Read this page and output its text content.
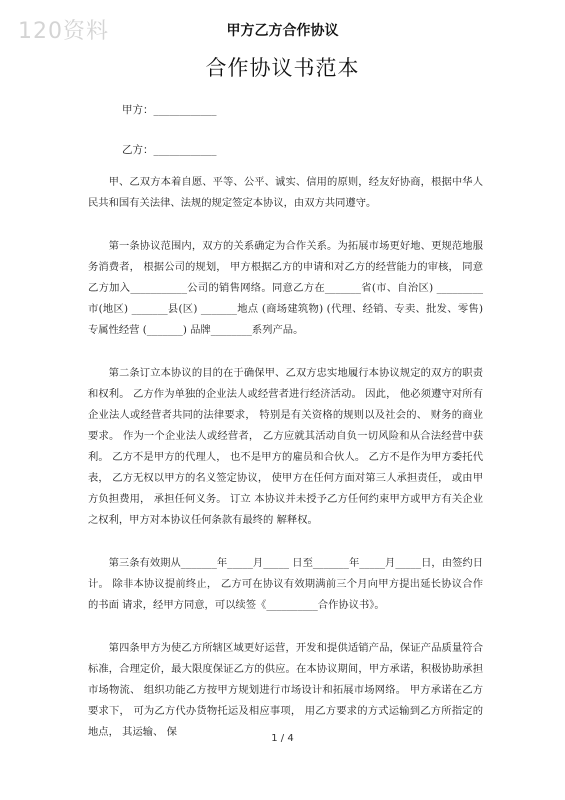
120资料	甲方乙方合作协议
合作协议书范本
甲方：____________
乙方：____________

甲、乙双方本着自愿、平等、公平、诚实、信用的原则，经友好协商，根据中华人民共和国有关法律、法规的规定签定本协议，由双方共同遵守。

第一条协议范围内，双方的关系确定为合作关系。为拓展市场更好地、更规范地服务消费者， 根据公司的规划， 甲方根据乙方的申请和对乙方的经营能力的审核， 同意乙方加入___________公司的销售网络。同意乙方在_______省(市、自治区) _________市(地区) _______县(区) _______地点 (商场建筑物) (代理、经销、专卖、批发、零售) 专属性经营 (_______) 品牌________系列产品。

第二条订立本协议的目的在于确保甲、乙双方忠实地履行本协议规定的双方的职责和权利。 乙方作为单独的企业法人或经营者进行经济活动。 因此， 他必须遵守对所有企业法人或经营者共同的法律要求， 特别是有关资格的规则以及社会的、 财务的商业要求。 作为一个企业法人或经营者， 乙方应就其活动自负一切风险和从合法经营中获利。 乙方不是甲方的代理人， 也不是甲方的雇员和合伙人。 乙方不是作为甲方委托代表， 乙方无权以甲方的名义签定协议， 使甲方在任何方面对第三人承担责任， 或由甲方负担费用， 承担任何义务。 订立 本协议并未授予乙方任何约束甲方或甲方有关企业之权利，甲方对本协议任何条款有最终的 解释权。

第三条有效期从_______年_____月_____ 日至_______年_____月_____日，由签约日计。 除非本协议提前终止， 乙方可在协议有效期满前三个月向甲方提出延长协议合作的书面 请求，经甲方同意，可以续签《__________合作协议书》。

第四条甲方为使乙方所辖区域更好运营，开发和提供适销产品，保证产品质量符合标准，合理定价，最大限度保证乙方的供应。在本协议期间，甲方承诺，积极协助承担市场物流、 组织功能乙方按甲方规划进行市场设计和拓展市场网络。 甲方承诺在乙方要求下， 可为乙方代办货物托运及相应事项， 用乙方要求的方式运输到乙方所指定的地点， 其运输、 保

1 / 4
